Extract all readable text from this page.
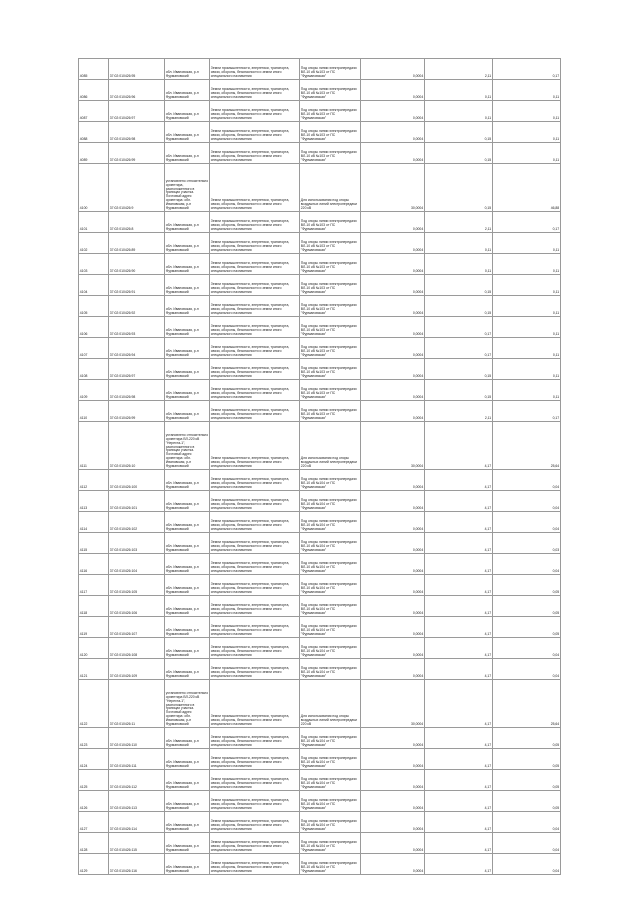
4085	37:02:010426:95	обл. Ивановская, р-н Фурмановский	Земли промышленности, энергетики, транспорта, связи, обороны, безопасности и земли иного специального назначения	Под опоры линии электропередачи ВЛ-10 кВ №103 от ПС "Фурмановская"	0,0004	2,11	0,17
4086	37:02:010426:96	обл. Ивановская, р-н Фурмановский	Земли промышленности, энергетики, транспорта, связи, обороны, безопасности и земли иного специального назначения	Под опоры линии электропередачи ВЛ-10 кВ №103 от ПС "Фурмановская"	0,0004	0,11	0,11
4087	37:02:010426:97	обл. Ивановская, р-н Фурмановский	Земли промышленности, энергетики, транспорта, связи, обороны, безопасности и земли иного специального назначения	Под опоры линии электропередачи ВЛ-10 кВ №103 от ПС "Фурмановская"	0,0004	0,11	0,11
4088	37:02:010426:98	обл. Ивановская, р-н Фурмановский	Земли промышленности, энергетики, транспорта, связи, обороны, безопасности и земли иного специального назначения	Под опоры линии электропередачи ВЛ-10 кВ №103 от ПС "Фурмановская"	0,0004	0,15	0,11
4089	37:02:010426:99	обл. Ивановская, р-н Фурмановский	Земли промышленности, энергетики, транспорта, связи, обороны, безопасности и земли иного специального назначения	Под опоры линии электропередачи ВЛ-10 кВ №103 от ПС "Фурмановская"	0,0004	0,15	0,11
4100	37:02:010426:9	установлено относительно ориентира, расположенного в границах участка. Почтовый адрес ориентира: обл. Ивановская, р-н Фурмановский	Земли промышленности, энергетики, транспорта, связи, обороны, безопасности и земли иного специального назначения	Для использования под опоры воздушных линий электропередачи 220 кВ	30,0004	0,15	46,88
4101	37:02:010426:8	обл. Ивановская, р-н Фурмановский	Земли промышленности, энергетики, транспорта, связи, обороны, безопасности и земли иного специального назначения	Под опоры линии электропередачи ВЛ-10 кВ №103 от ПС "Фурмановская"	0,0004	2,11	0,17
4102	37:02:010426:89	обл. Ивановская, р-н Фурмановский	Земли промышленности, энергетики, транспорта, связи, обороны, безопасности и земли иного специального назначения	Под опоры линии электропередачи ВЛ-10 кВ №103 от ПС "Фурмановская"	0,0004	0,11	0,11
4103	37:02:010426:90	обл. Ивановская, р-н Фурмановский	Земли промышленности, энергетики, транспорта, связи, обороны, безопасности и земли иного специального назначения	Под опоры линии электропередачи ВЛ-10 кВ №103 от ПС "Фурмановская"	0,0004	0,11	0,11
4104	37:02:010426:91	обл. Ивановская, р-н Фурмановский	Земли промышленности, энергетики, транспорта, связи, обороны, безопасности и земли иного специального назначения	Под опоры линии электропередачи ВЛ-10 кВ №103 от ПС "Фурмановская"	0,0004	0,15	0,11
4105	37:02:010426:92	обл. Ивановская, р-н Фурмановский	Земли промышленности, энергетики, транспорта, связи, обороны, безопасности и земли иного специального назначения	Под опоры линии электропередачи ВЛ-10 кВ №103 от ПС "Фурмановская"	0,0004	0,15	0,11
4106	37:02:010426:93	обл. Ивановская, р-н Фурмановский	Земли промышленности, энергетики, транспорта, связи, обороны, безопасности и земли иного специального назначения	Под опоры линии электропередачи ВЛ-10 кВ №103 от ПС "Фурмановская"	0,0004	0,17	0,11
4107	37:02:010426:94	обл. Ивановская, р-н Фурмановский	Земли промышленности, энергетики, транспорта, связи, обороны, безопасности и земли иного специального назначения	Под опоры линии электропередачи ВЛ-10 кВ №103 от ПС "Фурмановская"	0,0004	0,17	0,11
4108	37:02:010426:97	обл. Ивановская, р-н Фурмановский	Земли промышленности, энергетики, транспорта, связи, обороны, безопасности и земли иного специального назначения	Под опоры линии электропередачи ВЛ-10 кВ №103 от ПС "Фурмановская"	0,0004	0,15	0,11
4109	37:02:010426:98	обл. Ивановская, р-н Фурмановский	Земли промышленности, энергетики, транспорта, связи, обороны, безопасности и земли иного специального назначения	Под опоры линии электропередачи ВЛ-10 кВ №103 от ПС "Фурмановская"	0,0004	0,15	0,11
4110	37:02:010426:99	обл. Ивановская, р-н Фурмановский	Земли промышленности, энергетики, транспорта, связи, обороны, безопасности и земли иного специального назначения	Под опоры линии электропередачи ВЛ-10 кВ №103 от ПС "Фурмановская"	0,0004	2,11	0,17
4111	37:02:010426:10	установлено относительно ориентира ВЛ-220 кВ "Нерехта-1", расположенного в границах участка. Почтовый адрес ориентира: обл. Ивановская, р-н Фурмановский	Земли промышленности, энергетики, транспорта, связи, обороны, безопасности и земли иного специального назначения	Для использования под опоры воздушных линий электропередачи 220 кВ	30,0004	4,17	25,64
4112	37:02:010426:100	обл. Ивановская, р-н Фурмановский	Земли промышленности, энергетики, транспорта, связи, обороны, безопасности и земли иного специального назначения	Под опоры линии электропередачи ВЛ-10 кВ №104 от ПС "Фурмановская"	0,0004	4,17	0,04
4113	37:02:010426:101	обл. Ивановская, р-н Фурмановский	Земли промышленности, энергетики, транспорта, связи, обороны, безопасности и земли иного специального назначения	Под опоры линии электропередачи ВЛ-10 кВ №104 от ПС "Фурмановская"	0,0004	4,17	0,04
4114	37:02:010426:102	обл. Ивановская, р-н Фурмановский	Земли промышленности, энергетики, транспорта, связи, обороны, безопасности и земли иного специального назначения	Под опоры линии электропередачи ВЛ-10 кВ №104 от ПС "Фурмановская"	0,0004	4,17	0,04
4115	37:02:010426:103	обл. Ивановская, р-н Фурмановский	Земли промышленности, энергетики, транспорта, связи, обороны, безопасности и земли иного специального назначения	Под опоры линии электропередачи ВЛ-10 кВ №104 от ПС "Фурмановская"	0,0004	4,17	0,03
4116	37:02:010426:104	обл. Ивановская, р-н Фурмановский	Земли промышленности, энергетики, транспорта, связи, обороны, безопасности и земли иного специального назначения	Под опоры линии электропередачи ВЛ-10 кВ №104 от ПС "Фурмановская"	0,0004	4,17	0,04
4117	37:02:010426:105	обл. Ивановская, р-н Фурмановский	Земли промышленности, энергетики, транспорта, связи, обороны, безопасности и земли иного специального назначения	Под опоры линии электропередачи ВЛ-10 кВ №104 от ПС "Фурмановская"	0,0004	4,17	0,05
4118	37:02:010426:106	обл. Ивановская, р-н Фурмановский	Земли промышленности, энергетики, транспорта, связи, обороны, безопасности и земли иного специального назначения	Под опоры линии электропередачи ВЛ-10 кВ №104 от ПС "Фурмановская"	0,0004	4,17	0,05
4119	37:02:010426:107	обл. Ивановская, р-н Фурмановский	Земли промышленности, энергетики, транспорта, связи, обороны, безопасности и земли иного специального назначения	Под опоры линии электропередачи ВЛ-10 кВ №104 от ПС "Фурмановская"	0,0004	4,17	0,05
4120	37:02:010426:108	обл. Ивановская, р-н Фурмановский	Земли промышленности, энергетики, транспорта, связи, обороны, безопасности и земли иного специального назначения	Под опоры линии электропередачи ВЛ-10 кВ №104 от ПС "Фурмановская"	0,0004	4,17	0,04
4121	37:02:010426:109	обл. Ивановская, р-н Фурмановский	Земли промышленности, энергетики, транспорта, связи, обороны, безопасности и земли иного специального назначения	Под опоры линии электропередачи ВЛ-10 кВ №104 от ПС "Фурмановская"	0,0004	4,17	0,04
4122	37:02:010426:11	установлено относительно ориентира ВЛ-220 кВ "Нерехта-1", расположенного в границах участка. Почтовый адрес ориентира: обл. Ивановская, р-н Фурмановский	Земли промышленности, энергетики, транспорта, связи, обороны, безопасности и земли иного специального назначения	Для использования под опоры воздушных линий электропередачи 220 кВ	30,0004	4,17	25,64
4123	37:02:010426:110	обл. Ивановская, р-н Фурмановский	Земли промышленности, энергетики, транспорта, связи, обороны, безопасности и земли иного специального назначения	Под опоры линии электропередачи ВЛ-10 кВ №104 от ПС "Фурмановская"	0,0004	4,17	0,05
4124	37:02:010426:111	обл. Ивановская, р-н Фурмановский	Земли промышленности, энергетики, транспорта, связи, обороны, безопасности и земли иного специального назначения	Под опоры линии электропередачи ВЛ-10 кВ №104 от ПС "Фурмановская"	0,0004	4,17	0,05
4125	37:02:010426:112	обл. Ивановская, р-н Фурмановский	Земли промышленности, энергетики, транспорта, связи, обороны, безопасности и земли иного специального назначения	Под опоры линии электропередачи ВЛ-10 кВ №104 от ПС "Фурмановская"	0,0004	4,17	0,05
4126	37:02:010426:113	обл. Ивановская, р-н Фурмановский	Земли промышленности, энергетики, транспорта, связи, обороны, безопасности и земли иного специального назначения	Под опоры линии электропередачи ВЛ-10 кВ №104 от ПС "Фурмановская"	0,0004	4,17	0,05
4127	37:02:010426:114	обл. Ивановская, р-н Фурмановский	Земли промышленности, энергетики, транспорта, связи, обороны, безопасности и земли иного специального назначения	Под опоры линии электропередачи ВЛ-10 кВ №104 от ПС "Фурмановская"	0,0004	4,17	0,04
4128	37:02:010426:115	обл. Ивановская, р-н Фурмановский	Земли промышленности, энергетики, транспорта, связи, обороны, безопасности и земли иного специального назначения	Под опоры линии электропередачи ВЛ-10 кВ №104 от ПС "Фурмановская"	0,0004	4,17	0,04
4129	37:02:010426:116	обл. Ивановская, р-н Фурмановский	Земли промышленности, энергетики, транспорта, связи, обороны, безопасности и земли иного специального назначения	Под опоры линии электропередачи ВЛ-10 кВ №104 от ПС "Фурмановская"	0,0004	4,17	0,04
